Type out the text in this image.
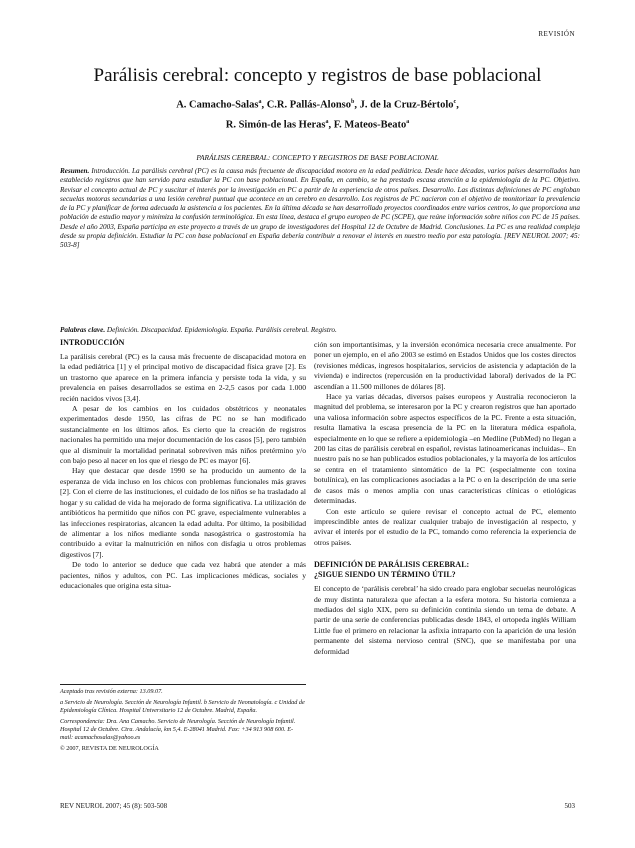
REVISIÓN
Parálisis cerebral: concepto y registros de base poblacional
A. Camacho-Salas$^a$, C.R. Pallás-Alonso$^b$, J. de la Cruz-Bértolo$^c$,
R. Simón-de las Heras$^a$, F. Mateos-Beato$^a$
PARÁLISIS CEREBRAL: CONCEPTO Y REGISTROS DE BASE POBLACIONAL

Resumen. Introducción. La parálisis cerebral (PC) es la causa más frecuente de discapacidad motora en la edad pediátrica. Desde hace décadas, varios países desarrollados han establecido registros que han servido para estudiar la PC con base poblacional. En España, en cambio, se ha prestado escasa atención a la epidemiología de la PC. Objetivo. Revisar el concepto actual de PC y suscitar el interés por la investigación en PC a partir de la experiencia de otros países. Desarrollo. Las distintas definiciones de PC engloban secuelas motoras secundarias a una lesión cerebral puntual que acontece en un cerebro en desarrollo. Los registros de PC nacieron con el objetivo de monitorizar la prevalencia de la PC y planificar de forma adecuada la asistencia a los pacientes. En la última década se han desarrollado proyectos coordinados entre varios centros, lo que proporciona una población de estudio mayor y minimiza la confusión terminológica. En esta línea, destaca el grupo europeo de PC (SCPE), que reúne información sobre niños con PC de 15 países. Desde el año 2003, España participa en este proyecto a través de un grupo de investigadores del Hospital 12 de Octubre de Madrid. Conclusiones. La PC es una realidad compleja desde su propia definición. Estudiar la PC con base poblacional en España debería contribuir a renovar el interés en nuestro medio por esta patología. [REV NEUROL 2007; 45: 503-8]

Palabras clave. Definición. Discapacidad. Epidemiología. España. Parálisis cerebral. Registro.

INTRODUCCIÓN

La parálisis cerebral (PC) es la causa más frecuente de discapacidad motora en la edad pediátrica [1] y el principal motivo de discapacidad física grave [2]. Es un trastorno que aparece en la primera infancia y persiste toda la vida, y su prevalencia en países desarrollados se estima en 2-2,5 casos por cada 1.000 recién nacidos vivos [3,4].

A pesar de los cambios en los cuidados obstétricos y neonatales experimentados desde 1950, las cifras de PC no se han modificado sustancialmente en los últimos años. Es cierto que la creación de registros nacionales ha permitido una mejor documentación de los casos [5], pero también que al disminuir la mortalidad perinatal sobreviven más niños pretérmino y/o con bajo peso al nacer en los que el riesgo de PC es mayor [6].

Hay que destacar que desde 1990 se ha producido un aumento de la esperanza de vida incluso en los chicos con problemas funcionales más graves [2]. Con el cierre de las instituciones, el cuidado de los niños se ha trasladado al hogar y su calidad de vida ha mejorado de forma significativa. La utilización de antibióticos ha permitido que niños con PC grave, especialmente vulnerables a las infecciones respiratorias, alcancen la edad adulta. Por último, la posibilidad de alimentar a los niños mediante sonda nasogástrica o gastrostomía ha contribuido a evitar la malnutrición en niños con disfagia u otros problemas digestivos [7].

De todo lo anterior se deduce que cada vez habrá que atender a más pacientes, niños y adultos, con PC. Las implicaciones médicas, sociales y educacionales que origina esta situa-

Aceptado tras revisión externa: 13.09.07.

a Servicio de Neurología. Sección de Neurología Infantil. b Servicio de Neonatología. c Unidad de Epidemiología Clínica. Hospital Universitario 12 de Octubre. Madrid, España.

Correspondencia: Dra. Ana Camacho. Servicio de Neurología. Sección de Neurología Infantil. Hospital 12 de Octubre. Ctra. Andalucía, km 5,4. E-28041 Madrid. Fax: +34 913 908 600. E-mail: acamachosalas@yahoo.es

© 2007, REVISTA DE NEUROLOGÍA

ción son importantísimas, y la inversión económica necesaria crece anualmente. Por poner un ejemplo, en el año 2003 se estimó en Estados Unidos que los costes directos (revisiones médicas, ingresos hospitalarios, servicios de asistencia y adaptación de la vivienda) e indirectos (repercusión en la productividad laboral) derivados de la PC ascendían a 11.500 millones de dólares [8].

Hace ya varias décadas, diversos países europeos y Australia reconocieron la magnitud del problema, se interesaron por la PC y crearon registros que han aportado una valiosa información sobre aspectos específicos de la PC. Frente a esta situación, resulta llamativa la escasa presencia de la PC en la literatura médica española, especialmente en lo que se refiere a epidemiología –en Medline (PubMed) no llegan a 200 las citas de parálisis cerebral en español, revistas latinoamericanas incluidas–. En nuestro país no se han publicados estudios poblacionales, y la mayoría de los artículos se centra en el tratamiento sintomático de la PC (especialmente con toxina botulínica), en las complicaciones asociadas a la PC o en la descripción de una serie de casos más o menos amplia con unas características clínicas o etiológicas determinadas.

Con este artículo se quiere revisar el concepto actual de PC, elemento imprescindible antes de realizar cualquier trabajo de investigación al respecto, y avivar el interés por el estudio de la PC, tomando como referencia la experiencia de otros países.

DEFINICIÓN DE PARÁLISIS CEREBRAL:
¿SIGUE SIENDO UN TÉRMINO ÚTIL?

El concepto de ‘parálisis cerebral’ ha sido creado para englobar secuelas neurológicas de muy distinta naturaleza que afectan a la esfera motora. Su historia comienza a mediados del siglo XIX, pero su definición continúa siendo un tema de debate. A partir de una serie de conferencias publicadas desde 1843, el ortopeda inglés William Little fue el primero en relacionar la asfixia intraparto con la aparición de una lesión permanente del sistema nervioso central (SNC), que se manifestaba por una deformidad

REV NEUROL 2007; 45 (8): 503-508	503
